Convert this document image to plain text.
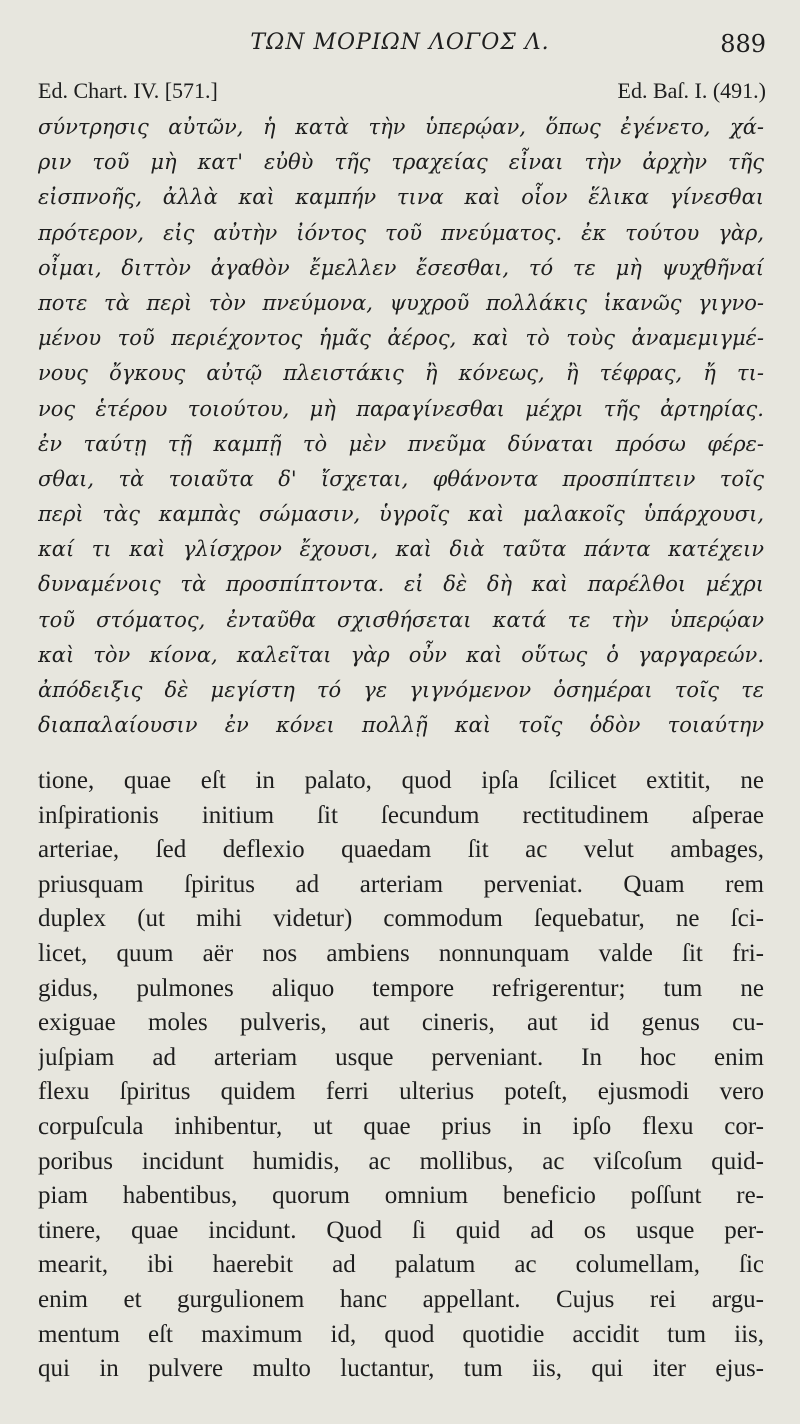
ΤΩΝ ΜΟΡΙΩΝ ΛΟΓΟΣ Λ.	889
Ed. Chart. IV. [571.]	Ed. Baſ. I. (491.)
σύντρησις αὐτῶν, ἡ κατὰ τὴν ὑπερῴαν, ὅπως ἐγένετο, χά-
ριν τοῦ μὴ κατ' εὐθὺ τῆς τραχείας εἶναι τὴν ἀρχὴν τῆς
εἰσπνοῆς, ἀλλὰ καὶ καμπήν τινα καὶ οἷον ἕλικα γίνεσθαι
πρότερον, εἰς αὐτὴν ἰόντος τοῦ πνεύματος. ἐκ τούτου γὰρ,
οἶμαι, διττὸν ἀγαθὸν ἔμελλεν ἔσεσθαι, τό τε μὴ ψυχθῆναί
ποτε τὰ περὶ τὸν πνεύμονα, ψυχροῦ πολλάκις ἱκανῶς γιγνο-
μένου τοῦ περιέχοντος ἡμᾶς ἀέρος, καὶ τὸ τοὺς ἀναμεμιγμέ-
νους ὄγκους αὐτῷ πλειστάκις ἢ κόνεως, ἢ τέφρας, ἤ τι-
νος ἑτέρου τοιούτου, μὴ παραγίνεσθαι μέχρι τῆς ἀρτηρίας.
ἐν ταύτῃ τῇ καμπῇ τὸ μὲν πνεῦμα δύναται πρόσω φέρε-
σθαι, τὰ τοιαῦτα δ' ἴσχεται, φθάνοντα προσπίπτειν τοῖς
περὶ τὰς καμπὰς σώμασιν, ὑγροῖς καὶ μαλακοῖς ὑπάρχουσι,
καί τι καὶ γλίσχρον ἔχουσι, καὶ διὰ ταῦτα πάντα κατέχειν
δυναμένοις τὰ προσπίπτοντα. εἰ δὲ δὴ καὶ παρέλθοι μέχρι
τοῦ στόματος, ἐνταῦθα σχισθήσεται κατά τε τὴν ὑπερῴαν
καὶ τὸν κίονα, καλεῖται γὰρ οὖν καὶ οὕτως ὁ γαργαρεών.
ἀπόδειξις δὲ μεγίστη τό γε γιγνόμενον ὁσημέραι τοῖς τε
διαπαλαίουσιν ἐν κόνει πολλῇ καὶ τοῖς ὁδὸν τοιαύτην
tione, quae eſt in palato, quod ipſa ſcilicet extitit, ne
inſpirationis initium ſit ſecundum rectitudinem aſperae
arteriae, ſed deflexio quaedam ſit ac velut ambages,
priusquam ſpiritus ad arteriam perveniat. Quam rem
duplex (ut mihi videtur) commodum ſequebatur, ne ſci-
licet, quum aër nos ambiens nonnunquam valde ſit fri-
gidus, pulmones aliquo tempore refrigerentur; tum ne
exiguae moles pulveris, aut cineris, aut id genus cu-
juſpiam ad arteriam usque perveniant. In hoc enim
flexu ſpiritus quidem ferri ulterius poteſt, ejusmodi vero
corpuſcula inhibentur, ut quae prius in ipſo flexu cor-
poribus incidunt humidis, ac mollibus, ac viſcoſum quid-
piam habentibus, quorum omnium beneficio poſſunt re-
tinere, quae incidunt. Quod ſi quid ad os usque per-
mearit, ibi haerebit ad palatum ac columellam, ſic
enim et gurgulionem hanc appellant. Cujus rei argu-
mentum eſt maximum id, quod quotidie accidit tum iis,
qui in pulvere multo luctantur, tum iis, qui iter ejus-
